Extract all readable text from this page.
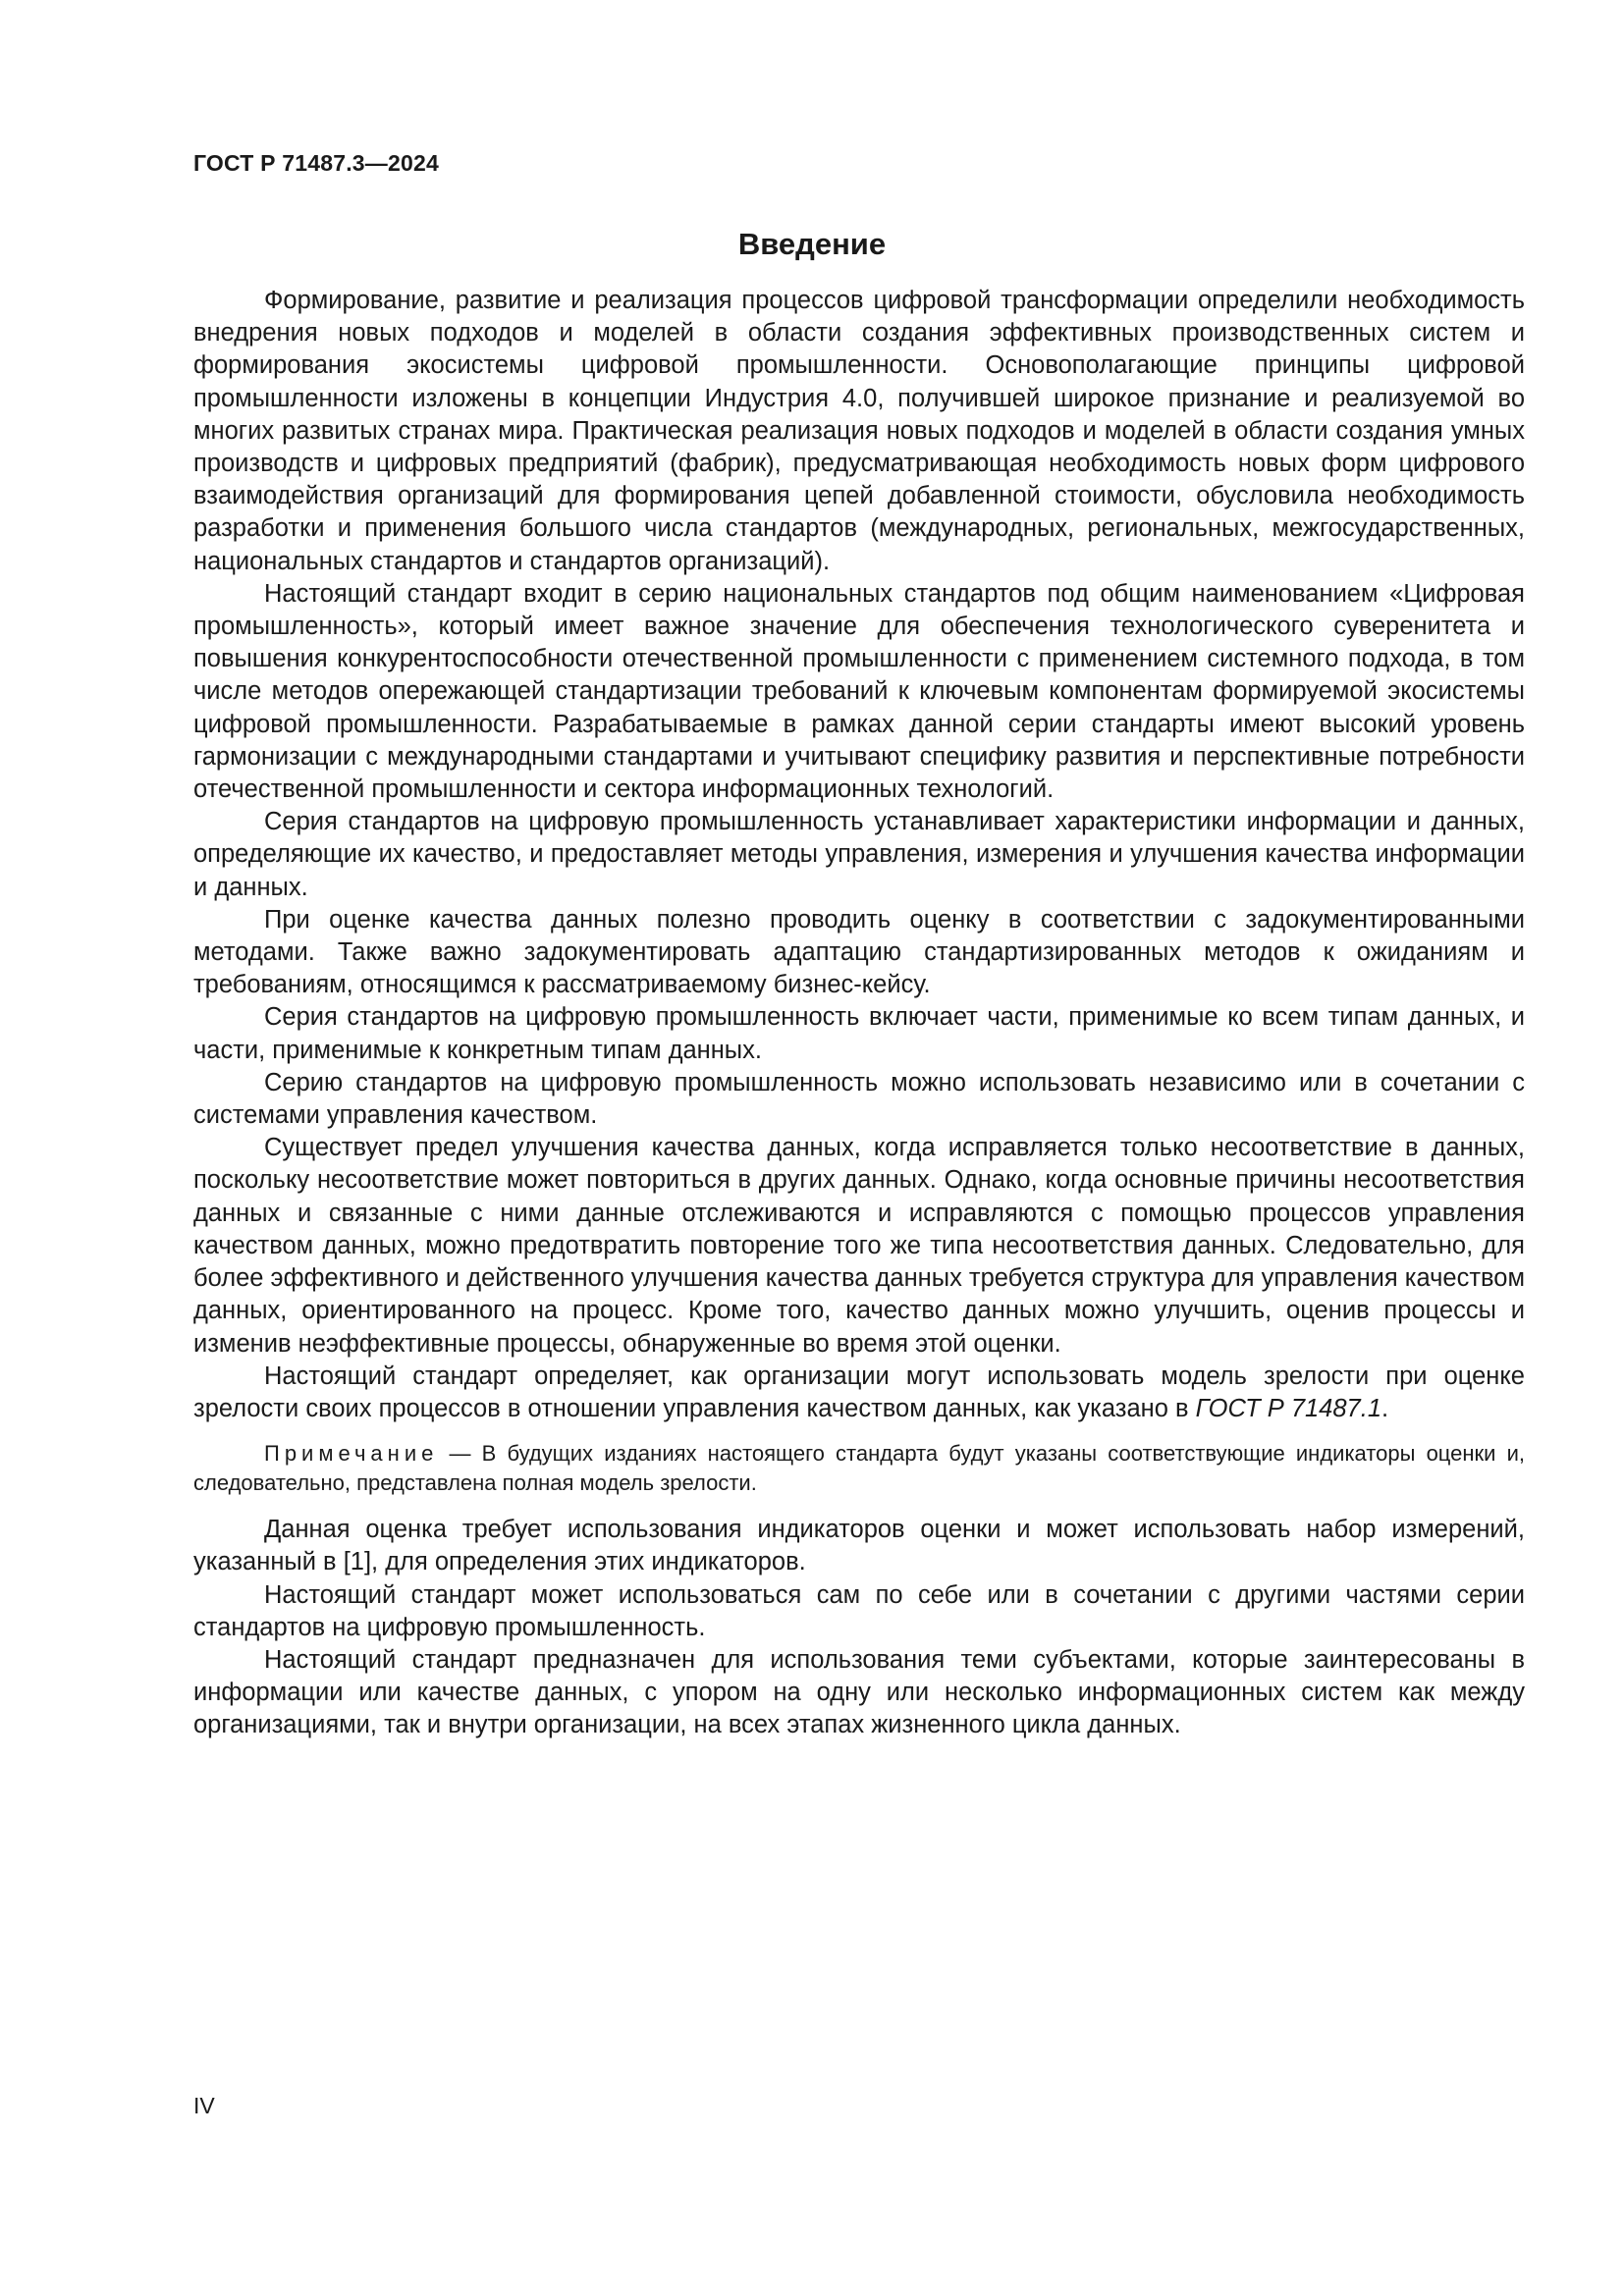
ГОСТ Р 71487.3—2024
Введение

Формирование, развитие и реализация процессов цифровой трансформации определили необходимость внедрения новых подходов и моделей в области создания эффективных производственных систем и формирования экосистемы цифровой промышленности. Основополагающие принципы цифровой промышленности изложены в концепции Индустрия 4.0, получившей широкое признание и реализуемой во многих развитых странах мира. Практическая реализация новых подходов и моделей в области создания умных производств и цифровых предприятий (фабрик), предусматривающая необходимость новых форм цифрового взаимодействия организаций для формирования цепей добавленной стоимости, обусловила необходимость разработки и применения большого числа стандартов (международных, региональных, межгосударственных, национальных стандартов и стандартов организаций).

Настоящий стандарт входит в серию национальных стандартов под общим наименованием «Цифровая промышленность», который имеет важное значение для обеспечения технологического суверенитета и повышения конкурентоспособности отечественной промышленности с применением системного подхода, в том числе методов опережающей стандартизации требований к ключевым компонентам формируемой экосистемы цифровой промышленности. Разрабатываемые в рамках данной серии стандарты имеют высокий уровень гармонизации с международными стандартами и учитывают специфику развития и перспективные потребности отечественной промышленности и сектора информационных технологий.

Серия стандартов на цифровую промышленность устанавливает характеристики информации и данных, определяющие их качество, и предоставляет методы управления, измерения и улучшения качества информации и данных.

При оценке качества данных полезно проводить оценку в соответствии с задокументированными методами. Также важно задокументировать адаптацию стандартизированных методов к ожиданиям и требованиям, относящимся к рассматриваемому бизнес-кейсу.

Серия стандартов на цифровую промышленность включает части, применимые ко всем типам данных, и части, применимые к конкретным типам данных.

Серию стандартов на цифровую промышленность можно использовать независимо или в сочетании с системами управления качеством.

Существует предел улучшения качества данных, когда исправляется только несоответствие в данных, поскольку несоответствие может повториться в других данных. Однако, когда основные причины несоответствия данных и связанные с ними данные отслеживаются и исправляются с помощью процессов управления качеством данных, можно предотвратить повторение того же типа несоответствия данных. Следовательно, для более эффективного и действенного улучшения качества данных требуется структура для управления качеством данных, ориентированного на процесс. Кроме того, качество данных можно улучшить, оценив процессы и изменив неэффективные процессы, обнаруженные во время этой оценки.

Настоящий стандарт определяет, как организации могут использовать модель зрелости при оценке зрелости своих процессов в отношении управления качеством данных, как указано в ГОСТ Р 71487.1.

Примечание — В будущих изданиях настоящего стандарта будут указаны соответствующие индикаторы оценки и, следовательно, представлена полная модель зрелости.

Данная оценка требует использования индикаторов оценки и может использовать набор измерений, указанный в [1], для определения этих индикаторов.

Настоящий стандарт может использоваться сам по себе или в сочетании с другими частями серии стандартов на цифровую промышленность.

Настоящий стандарт предназначен для использования теми субъектами, которые заинтересованы в информации или качестве данных, с упором на одну или несколько информационных систем как между организациями, так и внутри организации, на всех этапах жизненного цикла данных.

IV
